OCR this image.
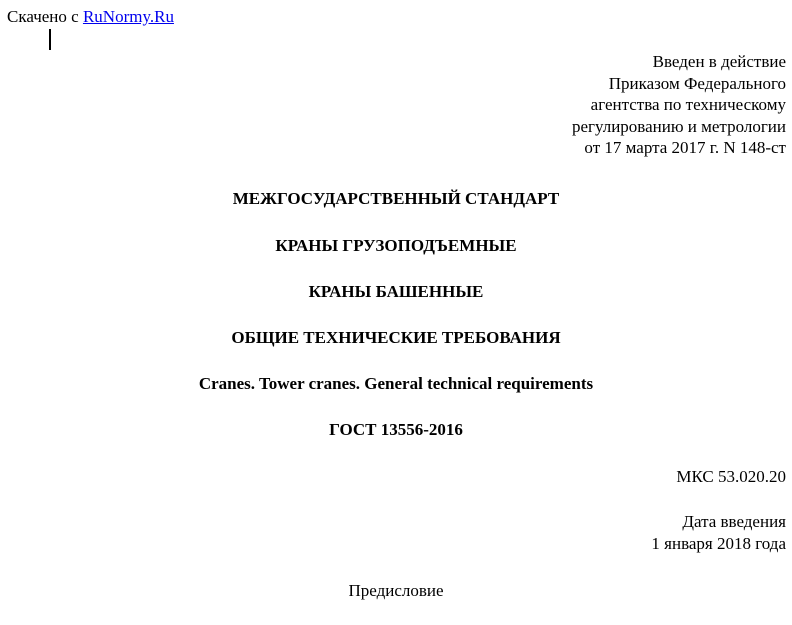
Скачено с RuNormy.Ru
Введен в действие
Приказом Федерального
агентства по техническому
регулированию и метрологии
от 17 марта 2017 г. N 148-ст
МЕЖГОСУДАРСТВЕННЫЙ СТАНДАРТ
КРАНЫ ГРУЗОПОДЪЕМНЫЕ
КРАНЫ БАШЕННЫЕ
ОБЩИЕ ТЕХНИЧЕСКИЕ ТРЕБОВАНИЯ
Cranes. Tower cranes. General technical requirements
ГОСТ 13556-2016
МКС 53.020.20
Дата введения
1 января 2018 года
Предисловие
